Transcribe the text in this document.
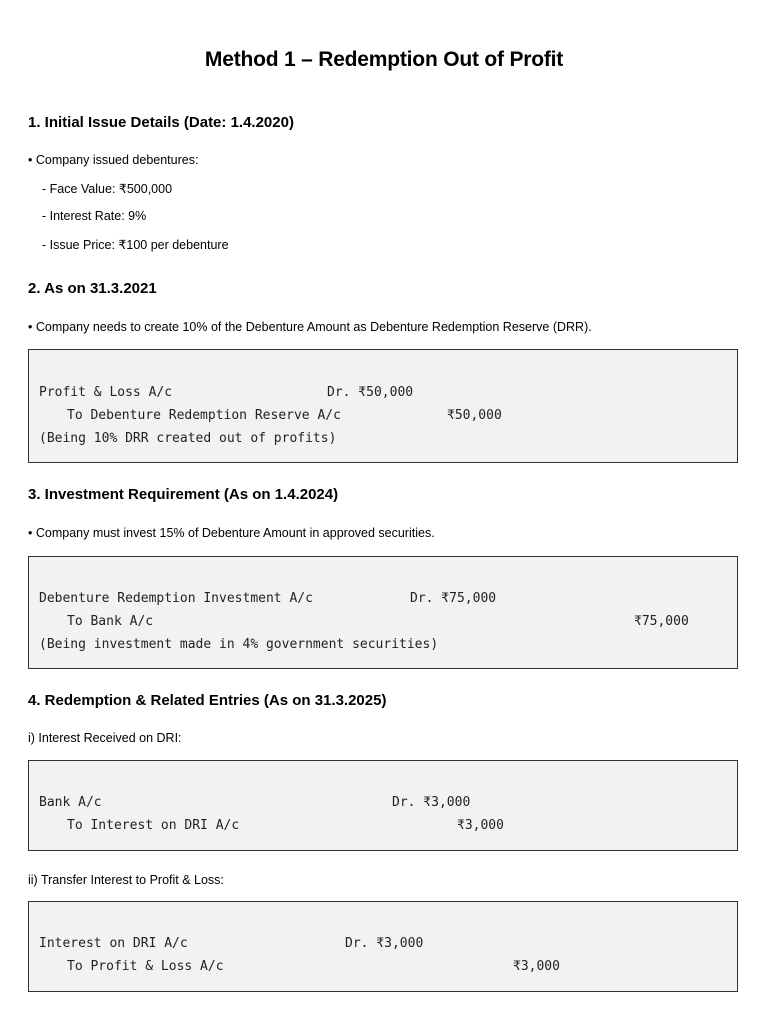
Method 1 – Redemption Out of Profit
1. Initial Issue Details (Date: 1.4.2020)
• Company issued debentures:
- Face Value: ₹500,000
- Interest Rate: 9%
- Issue Price: ₹100 per debenture
2. As on 31.3.2021
• Company needs to create 10% of the Debenture Amount as Debenture Redemption Reserve (DRR).
Profit & Loss A/c	Dr. ₹50,000
To Debenture Redemption Reserve A/c	₹50,000
(Being 10% DRR created out of profits)
3. Investment Requirement (As on 1.4.2024)
• Company must invest 15% of Debenture Amount in approved securities.
Debenture Redemption Investment A/c	Dr. ₹75,000
To Bank A/c	₹75,000
(Being investment made in 4% government securities)
4. Redemption & Related Entries (As on 31.3.2025)
i) Interest Received on DRI:
Bank A/c	Dr. ₹3,000
To Interest on DRI A/c	₹3,000
ii) Transfer Interest to Profit & Loss:
Interest on DRI A/c	Dr. ₹3,000
To Profit & Loss A/c	₹3,000
